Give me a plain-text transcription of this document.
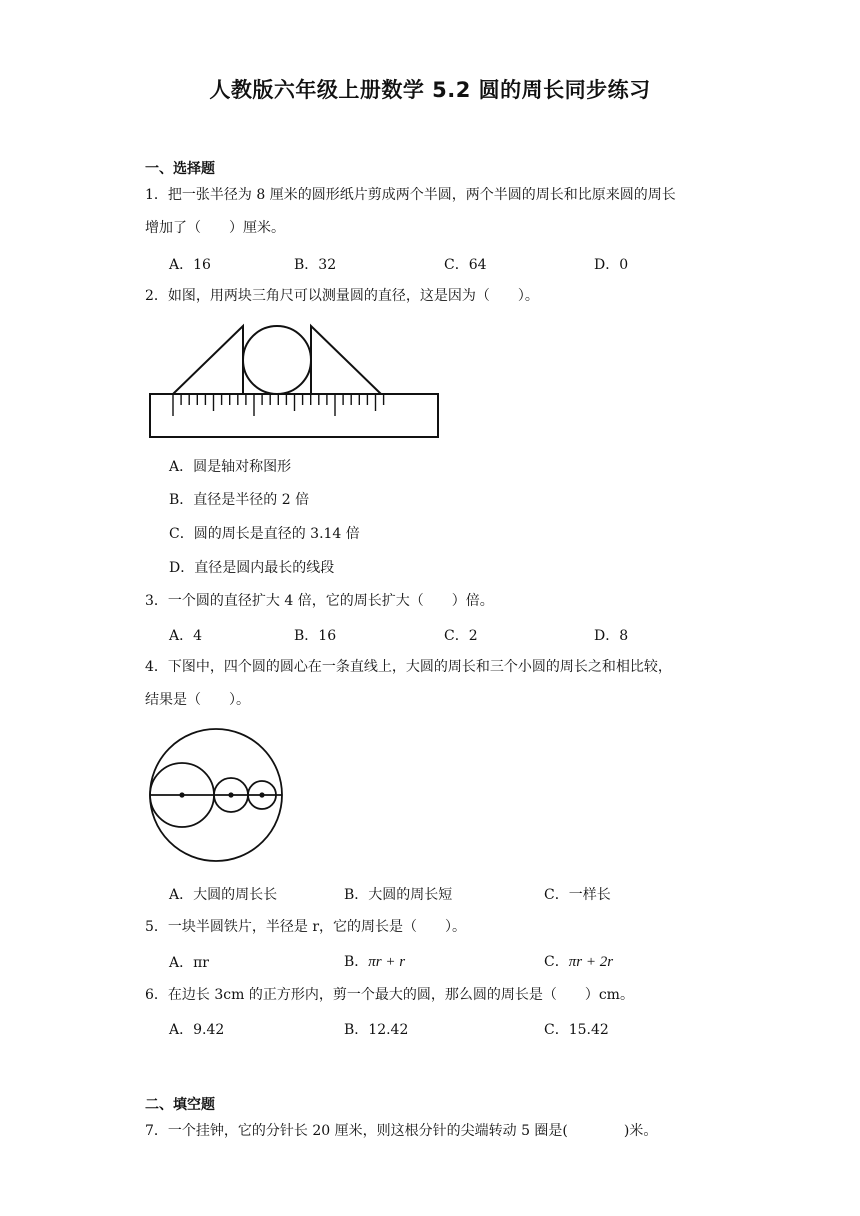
人教版六年级上册数学 5.2 圆的周长同步练习
一、选择题
1．把一张半径为 8 厘米的圆形纸片剪成两个半圆，两个半圆的周长和比原来圆的周长
增加了（　　）厘米。
A．16	B．32	C．64	D．0
2．如图，用两块三角尺可以测量圆的直径，这是因为（　　）。
A．圆是轴对称图形
B．直径是半径的 2 倍
C．圆的周长是直径的 3.14 倍
D．直径是圆内最长的线段
3．一个圆的直径扩大 4 倍，它的周长扩大（　　）倍。
A．4	B．16	C．2	D．8
4．下图中，四个圆的圆心在一条直线上，大圆的周长和三个小圆的周长之和相比较，
结果是（　　）。
A．大圆的周长长	B．大圆的周长短	C．一样长
5．一块半圆铁片，半径是 r，它的周长是（　　）。
A．πr	B．πr + r	C．πr + 2r
6．在边长 3cm 的正方形内，剪一个最大的圆，那么圆的周长是（　　）cm。
A．9.42	B．12.42	C．15.42
二、填空题
7．一个挂钟，它的分针长 20 厘米，则这根分针的尖端转动 5 圈是(　　　　)米。
